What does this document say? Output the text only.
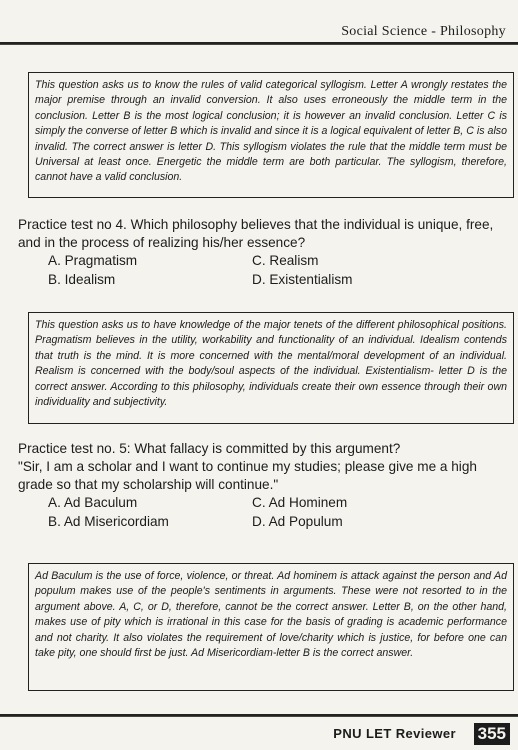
Social Science - Philosophy

This question asks us to know the rules of valid categorical syllogism. Letter A wrongly restates the major premise through an invalid conversion. It also uses erroneously the middle term in the conclusion. Letter B is the most logical conclusion; it is however an invalid conclusion. Letter C is simply the converse of letter B which is invalid and since it is a logical equivalent of letter B, C is also invalid. The correct answer is letter D. This syllogism violates the rule that the middle term must be Universal at least once. Energetic the middle term are both particular. The syllogism, therefore, cannot have a valid conclusion.

Practice test no 4. Which philosophy believes that the individual is unique, free, and in the process of realizing his/her essence?

A. Pragmatism	C. Realism
B. Idealism	D. Existentialism

This question asks us to have knowledge of the major tenets of the different philosophical positions. Pragmatism believes in the utility, workability and functionality of an individual. Idealism contends that truth is the mind. It is more concerned with the mental/moral development of an individual. Realism is concerned with the body/soul aspects of the individual. Existentialism- letter D is the correct answer. According to this philosophy, individuals create their own essence through their own individuality and subjectivity.

Practice test no. 5: What fallacy is committed by this argument?

"Sir, I am a scholar and I want to continue my studies; please give me a high grade so that my scholarship will continue."

A. Ad Baculum	C. Ad Hominem
B. Ad Misericordiam	D. Ad Populum

Ad Baculum is the use of force, violence, or threat. Ad hominem is attack against the person and Ad populum makes use of the people's sentiments in arguments. These were not resorted to in the argument above. A, C, or D, therefore, cannot be the correct answer. Letter B, on the other hand, makes use of pity which is irrational in this case for the basis of grading is academic performance and not charity. It also violates the requirement of love/charity which is justice, for before one can take pity, one should first be just. Ad Misericordiam-letter B is the correct answer.

PNU LET Reviewer 355
